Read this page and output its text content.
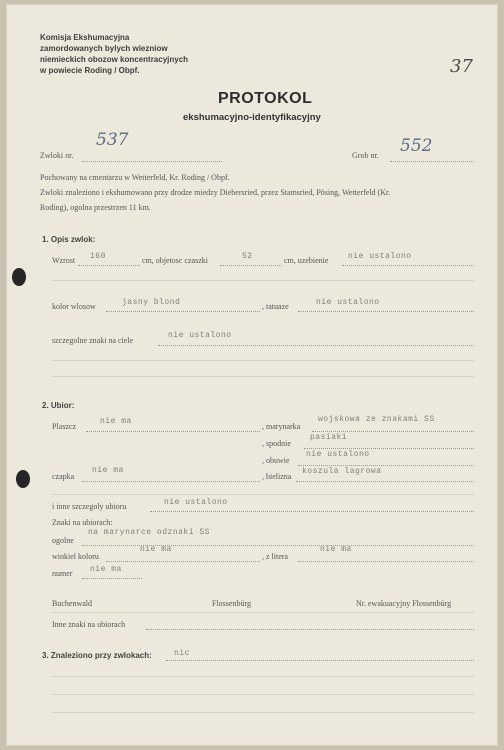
Komisja Ekshumacyjna
zamordowanych bylych wiezniow
niemieckich obozow koncentracyjnych
w powiecie Roding / Obpf.	37
PROTOKOL
ekshumacyjno-identyfikacyjny
Zwloki nr.
537
Grob nr. 552
Pochowany na cmentarzu w Wetterfeld, Kr. Roding / Obpf.
Zwloki znaleziono i ekshumowano przy drodze miedzy Diebersried, przez Stamsried, Pösing, Wetterfeld (Kr.
Roding), ogolna przestrzen 11 km.
1. Opis zwlok:
Wzrost 160	cm, objetosc czaszki	52	cm, uzebienie nie ustalono
kolor wlosow	jasny blond	, tatuaze	nie ustalono
szczegolne znaki na ciele
nie ustalono
2. Ubior:
Plaszcz
nie ma
, marynarka
wojskowa ze znakami SS
, spodnie
pasiaki
, obuwie
nie ustalono
czapka
nie ma
, bielizna
koszula lagrowa
i inne szczegoly ubioru	nie ustalono
Znaki na ubiorach:
ogolne
na marynarce odznaki SS
winkiel koloru
nie ma
, z litera
nie ma
numer nie ma
Buchenwald	Flossenbürg	Nr. ewakuacyjny Flossenbürg
Inne znaki na ubiorach
3. Znaleziono przy zwlokach:	nic
